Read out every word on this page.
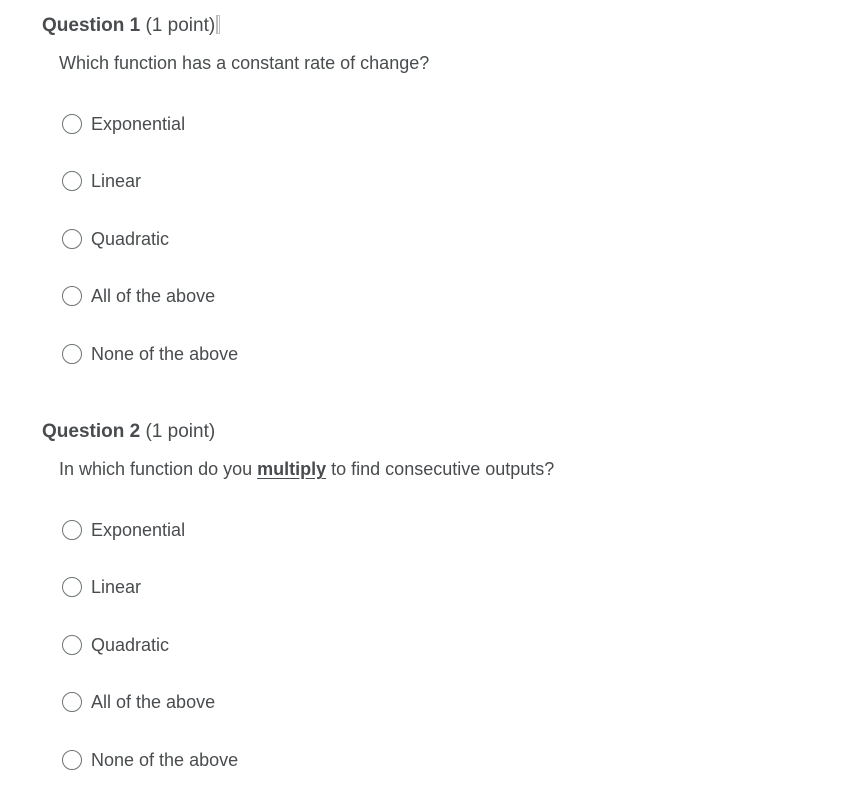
Question 1 (1 point)
Which function has a constant rate of change?
Exponential
Linear
Quadratic
All of the above
None of the above
Question 2 (1 point)
In which function do you multiply to find consecutive outputs?
Exponential
Linear
Quadratic
All of the above
None of the above
